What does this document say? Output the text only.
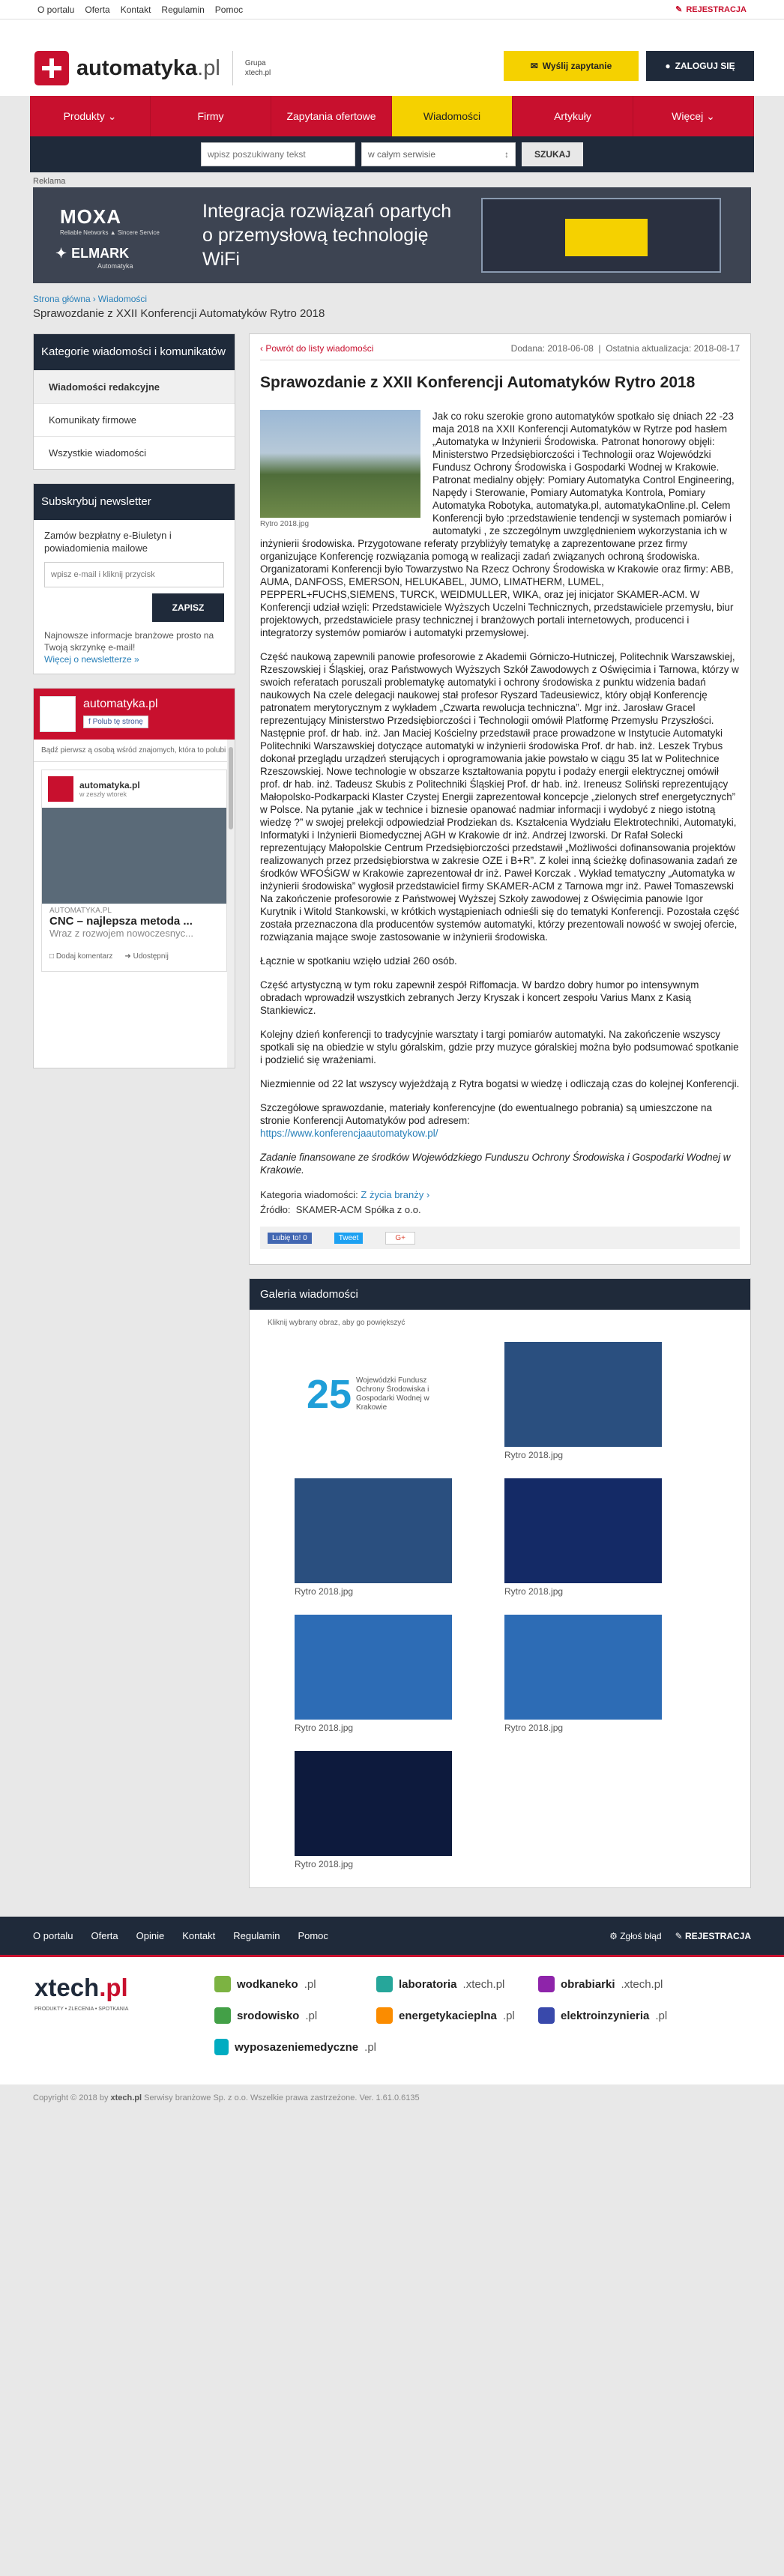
O portalu Oferta Kontakt Regulamin Pomoc	✎ REJESTRACJA
automatyka.pl	Grupa
xtech.pl
✉ Wyślij zapytanie	● ZALOGUJ SIĘ
Produkty
⌄	Firmy	Zapytania ofertowe	Wiadomości	Artykuły	Więcej
⌄
wpisz poszukiwany tekst
w całym serwisie	↕	SZUKAJ
Reklama
MOXA
Reliable Networks ▲ Sincere Service
✦ ELMARK
Automatyka
Integracja rozwiązań opartych o przemysłową technologię WiFi
Strona główna › Wiadomości
Sprawozdanie z XXII Konferencji Automatyków Rytro 2018
Kategorie wiadomości i komunikatów
Wiadomości redakcyjne
Komunikaty firmowe
Wszystkie wiadomości
Subskrybuj newsletter

Zamów bezpłatny e-Biuletyn i powiadomienia mailowe

wpisz e-mail i kliknij przycisk
ZAPISZ
Najnowsze informacje branżowe prosto na Twoją skrzynkę e-mail!
Więcej o newsletterze »
automatyka.pl
f Polub tę stronę
Bądź pierwsz ą osobą wśród znajomych, która to polubi
automatyka.pl
w zeszły wtorek
AUTOMATYKA.PL
CNC – najlepsza metoda ...
Wraz z rozwojem nowoczesnyc...
□ Dodaj komentarz ➜ Udostępnij
‹ Powrót do listy wiadomości	Dodana: 2018-06-08  |  Ostatnia aktualizacja: 2018-08-17
Sprawozdanie z XXII Konferencji Automatyków Rytro 2018
Rytro 2018.jpg

Jak co roku szerokie grono automatyków spotkało się dniach 22 -23 maja 2018 na XXII Konferencji Automatyków w Rytrze pod hasłem „Automatyka w Inżynierii Środowiska. Patronat honorowy objęli: Ministerstwo Przedsiębiorczości i Technologii oraz Wojewódzki Fundusz Ochrony Środowiska i Gospodarki Wodnej w Krakowie. Patronat medialny objęły: Pomiary Automatyka Control Engineering, Napędy i Sterowanie, Pomiary Automatyka Kontrola, Pomiary Automatyka Robotyka, automatyka.pl, automatykaOnline.pl. Celem Konferencji było :przedstawienie tendencji w systemach pomiarów i automatyki , ze szczególnym uwzględnieniem wykorzystania ich w inżynierii środowiska. Przygotowane referaty przybliżyły tematykę a zaprezentowane przez firmy organizujące Konferencję rozwiązania pomogą w realizacji zadań związanych ochroną środowiska. Organizatorami Konferencji było Towarzystwo Na Rzecz Ochrony Środowiska w Krakowie oraz firmy: ABB, AUMA, DANFOSS, EMERSON, HELUKABEL, JUMO, LIMATHERM, LUMEL, PEPPERL+FUCHS,SIEMENS, TURCK, WEIDMULLER, WIKA, oraz jej inicjator SKAMER-ACM. W Konferencji udział wzięli: Przedstawiciele Wyższych Uczelni Technicznych, przedstawiciele przemysłu, biur projektowych, przedstawiciele prasy technicznej i branżowych portali internetowych, producenci i integratorzy systemów pomiarów i automatyki przemysłowej.

Część naukową zapewnili panowie profesorowie z Akademii Górniczo-Hutniczej, Politechnik Warszawskiej, Rzeszowskiej i Śląskiej, oraz Państwowych Wyższych Szkół Zawodowych z Oświęcimia i Tarnowa, którzy w swoich referatach poruszali problematykę automatyki i ochrony środowiska z punktu widzenia badań naukowych Na czele delegacji naukowej stał profesor Ryszard Tadeusiewicz, który objął Konferencję patronatem merytorycznym z wykładem „Czwarta rewolucja techniczna”. Mgr inż. Jarosław Gracel reprezentujący Ministerstwo Przedsiębiorczości i Technologii omówił Platformę Przemysłu Przyszłości. Następnie prof. dr hab. inż. Jan Maciej Kościelny przedstawił prace prowadzone w Instytucie Automatyki Politechniki Warszawskiej dotyczące automatyki w inżynierii środowiska Prof. dr hab. inż. Leszek Trybus dokonał przeglądu urządzeń sterujących i oprogramowania jakie powstało w ciągu 35 lat w Politechnice Rzeszowskiej. Nowe technologie w obszarze kształtowania popytu i podaży energii elektrycznej omówił prof. dr hab. inż. Tadeusz Skubis z Politechniki Śląskiej Prof. dr hab. inż. Ireneusz Soliński reprezentujący Małopolsko-Podkarpacki Klaster Czystej Energii zaprezentował koncepcje „zielonych stref energetycznych” w Polsce. Na pytanie „jak w technice i biznesie opanować nadmiar informacji i wydobyć z niego istotną wiedzę ?” w swojej prelekcji odpowiedział Prodziekan ds. Kształcenia Wydziału Elektrotechniki, Automatyki, Informatyki i Inżynierii Biomedycznej AGH w Krakowie dr inż. Andrzej Izworski. Dr Rafał Solecki reprezentujący Małopolskie Centrum Przedsiębiorczości przedstawił „Możliwości dofinansowania projektów realizowanych przez przedsiębiorstwa w zakresie OZE i B+R”. Z kolei inną ścieżkę dofinasowania zadań ze środków WFOŚiGW w Krakowie zaprezentował dr inż. Paweł Korczak . Wykład tematyczny „Automatyka w inżynierii środowiska” wygłosił przedstawiciel firmy SKAMER-ACM z Tarnowa mgr inż. Paweł Tomaszewski Na zakończenie profesorowie z Państwowej Wyższej Szkoły zawodowej z Oświęcimia panowie Igor Kurytnik i Witold Stankowski, w krótkich wystąpieniach odnieśli się do tematyki Konferencji. Pozostała część została przeznaczona dla producentów systemów automatyki, którzy prezentowali nowość w swojej ofercie, rozwiązania mające swoje zastosowanie w inżynierii środowiska.

Łącznie w spotkaniu wzięło udział 260 osób.

Część artystyczną w tym roku zapewnił zespół Riffomacja. W bardzo dobry humor po intensywnym obradach wprowadził wszystkich zebranych Jerzy Kryszak i koncert zespołu Varius Manx z Kasią Stankiewicz.

Kolejny dzień konferencji to tradycyjnie warsztaty i targi pomiarów automatyki. Na zakończenie wszyscy spotkali się na obiedzie w stylu góralskim, gdzie przy muzyce góralskiej można było podsumować spotkanie i podzielić się wrażeniami.

Niezmiennie od 22 lat wszyscy wyjeżdżają z Rytra bogatsi w wiedzę i odliczają czas do kolejnej Konferencji.

Szczegółowe sprawozdanie, materiały konferencyjne (do ewentualnego pobrania) są umieszczone na stronie Konferencji Automatyków pod adresem:
https://www.konferencjaautomatykow.pl/

Zadanie finansowane ze środków Wojewódzkiego Funduszu Ochrony Środowiska i Gospodarki Wodnej w Krakowie.

Kategoria wiadomości: Z życia branży ›
Źródło: SKAMER-ACM Spółka z o.o.
Lubię to! 0	Tweet	G+
Galeria wiadomości
Kliknij wybrany obraz, aby go powiększyć
25 Wojewódzki Fundusz Ochrony Środowiska i Gospodarki Wodnej w Krakowie
Rytro 2018.jpg
Rytro 2018.jpg	Rytro 2018.jpg
Rytro 2018.jpg	Rytro 2018.jpg
Rytro 2018.jpg
O portalu Oferta Opinie Kontakt Regulamin Pomoc	⚙ Zgłoś błąd ✎ REJESTRACJA
xtech.pl
PRODUKTY • ZLECENIA • SPOTKANIA
wodkaneko .pl	laboratoria .xtech.pl	obrabiarki .xtech.pl
srodowisko .pl	energetykacieplna .pl	elektroinzynieria .pl
wyposazeniemedyczne .pl
Copyright © 2018 by xtech.pl Serwisy branżowe Sp. z o.o. Wszelkie prawa zastrzeżone. Ver. 1.61.0.6135
